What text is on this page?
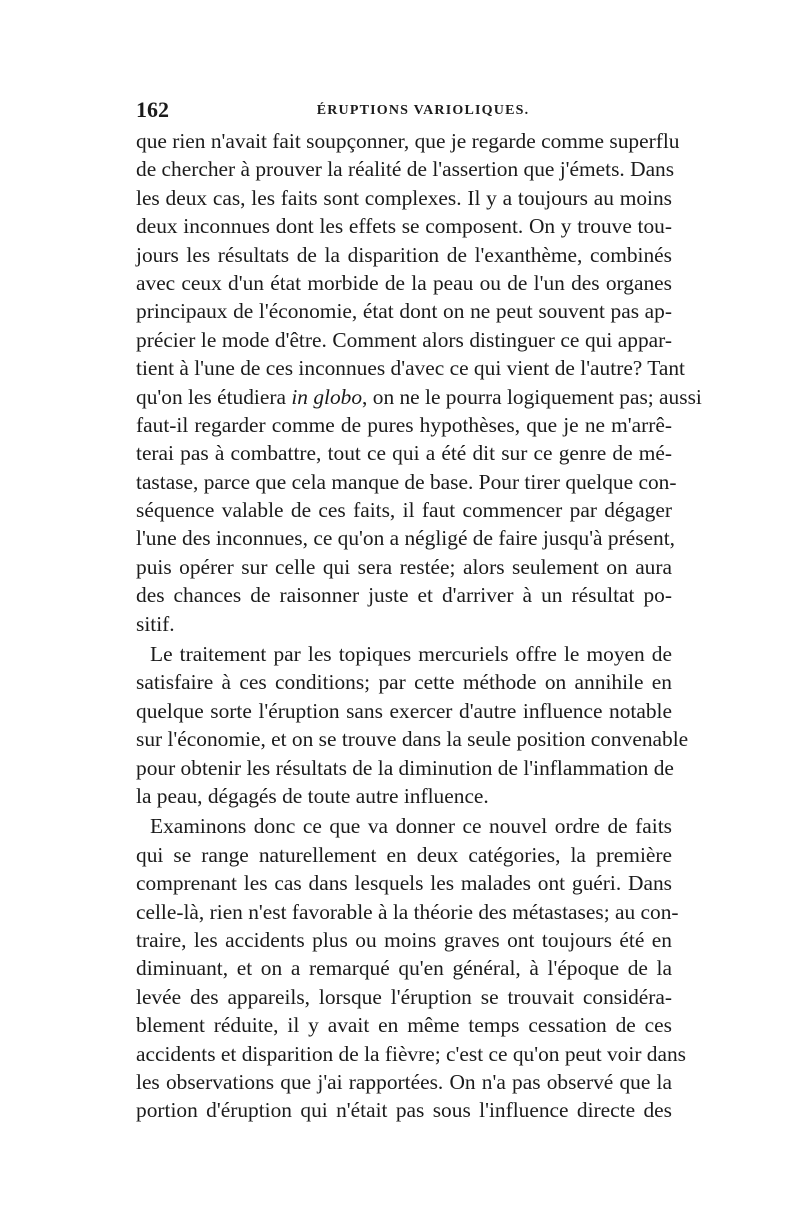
162	ÉRUPTIONS VARIOLIQUES.
que rien n'avait fait soupçonner, que je regarde comme superflu
de chercher à prouver la réalité de l'assertion que j'émets. Dans
les deux cas, les faits sont complexes. Il y a toujours au moins
deux inconnues dont les effets se composent. On y trouve tou-
jours les résultats de la disparition de l'exanthème, combinés
avec ceux d'un état morbide de la peau ou de l'un des organes
principaux de l'économie, état dont on ne peut souvent pas ap-
précier le mode d'être. Comment alors distinguer ce qui appar-
tient à l'une de ces inconnues d'avec ce qui vient de l'autre? Tant
qu'on les étudiera in globo, on ne le pourra logiquement pas; aussi
faut-il regarder comme de pures hypothèses, que je ne m'arrê-
terai pas à combattre, tout ce qui a été dit sur ce genre de mé-
tastase, parce que cela manque de base. Pour tirer quelque con-
séquence valable de ces faits, il faut commencer par dégager
l'une des inconnues, ce qu'on a négligé de faire jusqu'à présent,
puis opérer sur celle qui sera restée; alors seulement on aura
des chances de raisonner juste et d'arriver à un résultat po-
sitif.
Le traitement par les topiques mercuriels offre le moyen de
satisfaire à ces conditions; par cette méthode on annihile en
quelque sorte l'éruption sans exercer d'autre influence notable
sur l'économie, et on se trouve dans la seule position convenable
pour obtenir les résultats de la diminution de l'inflammation de
la peau, dégagés de toute autre influence.
Examinons donc ce que va donner ce nouvel ordre de faits
qui se range naturellement en deux catégories, la première
comprenant les cas dans lesquels les malades ont guéri. Dans
celle-là, rien n'est favorable à la théorie des métastases; au con-
traire, les accidents plus ou moins graves ont toujours été en
diminuant, et on a remarqué qu'en général, à l'époque de la
levée des appareils, lorsque l'éruption se trouvait considéra-
blement réduite, il y avait en même temps cessation de ces
accidents et disparition de la fièvre; c'est ce qu'on peut voir dans
les observations que j'ai rapportées. On n'a pas observé que la
portion d'éruption qui n'était pas sous l'influence directe des
